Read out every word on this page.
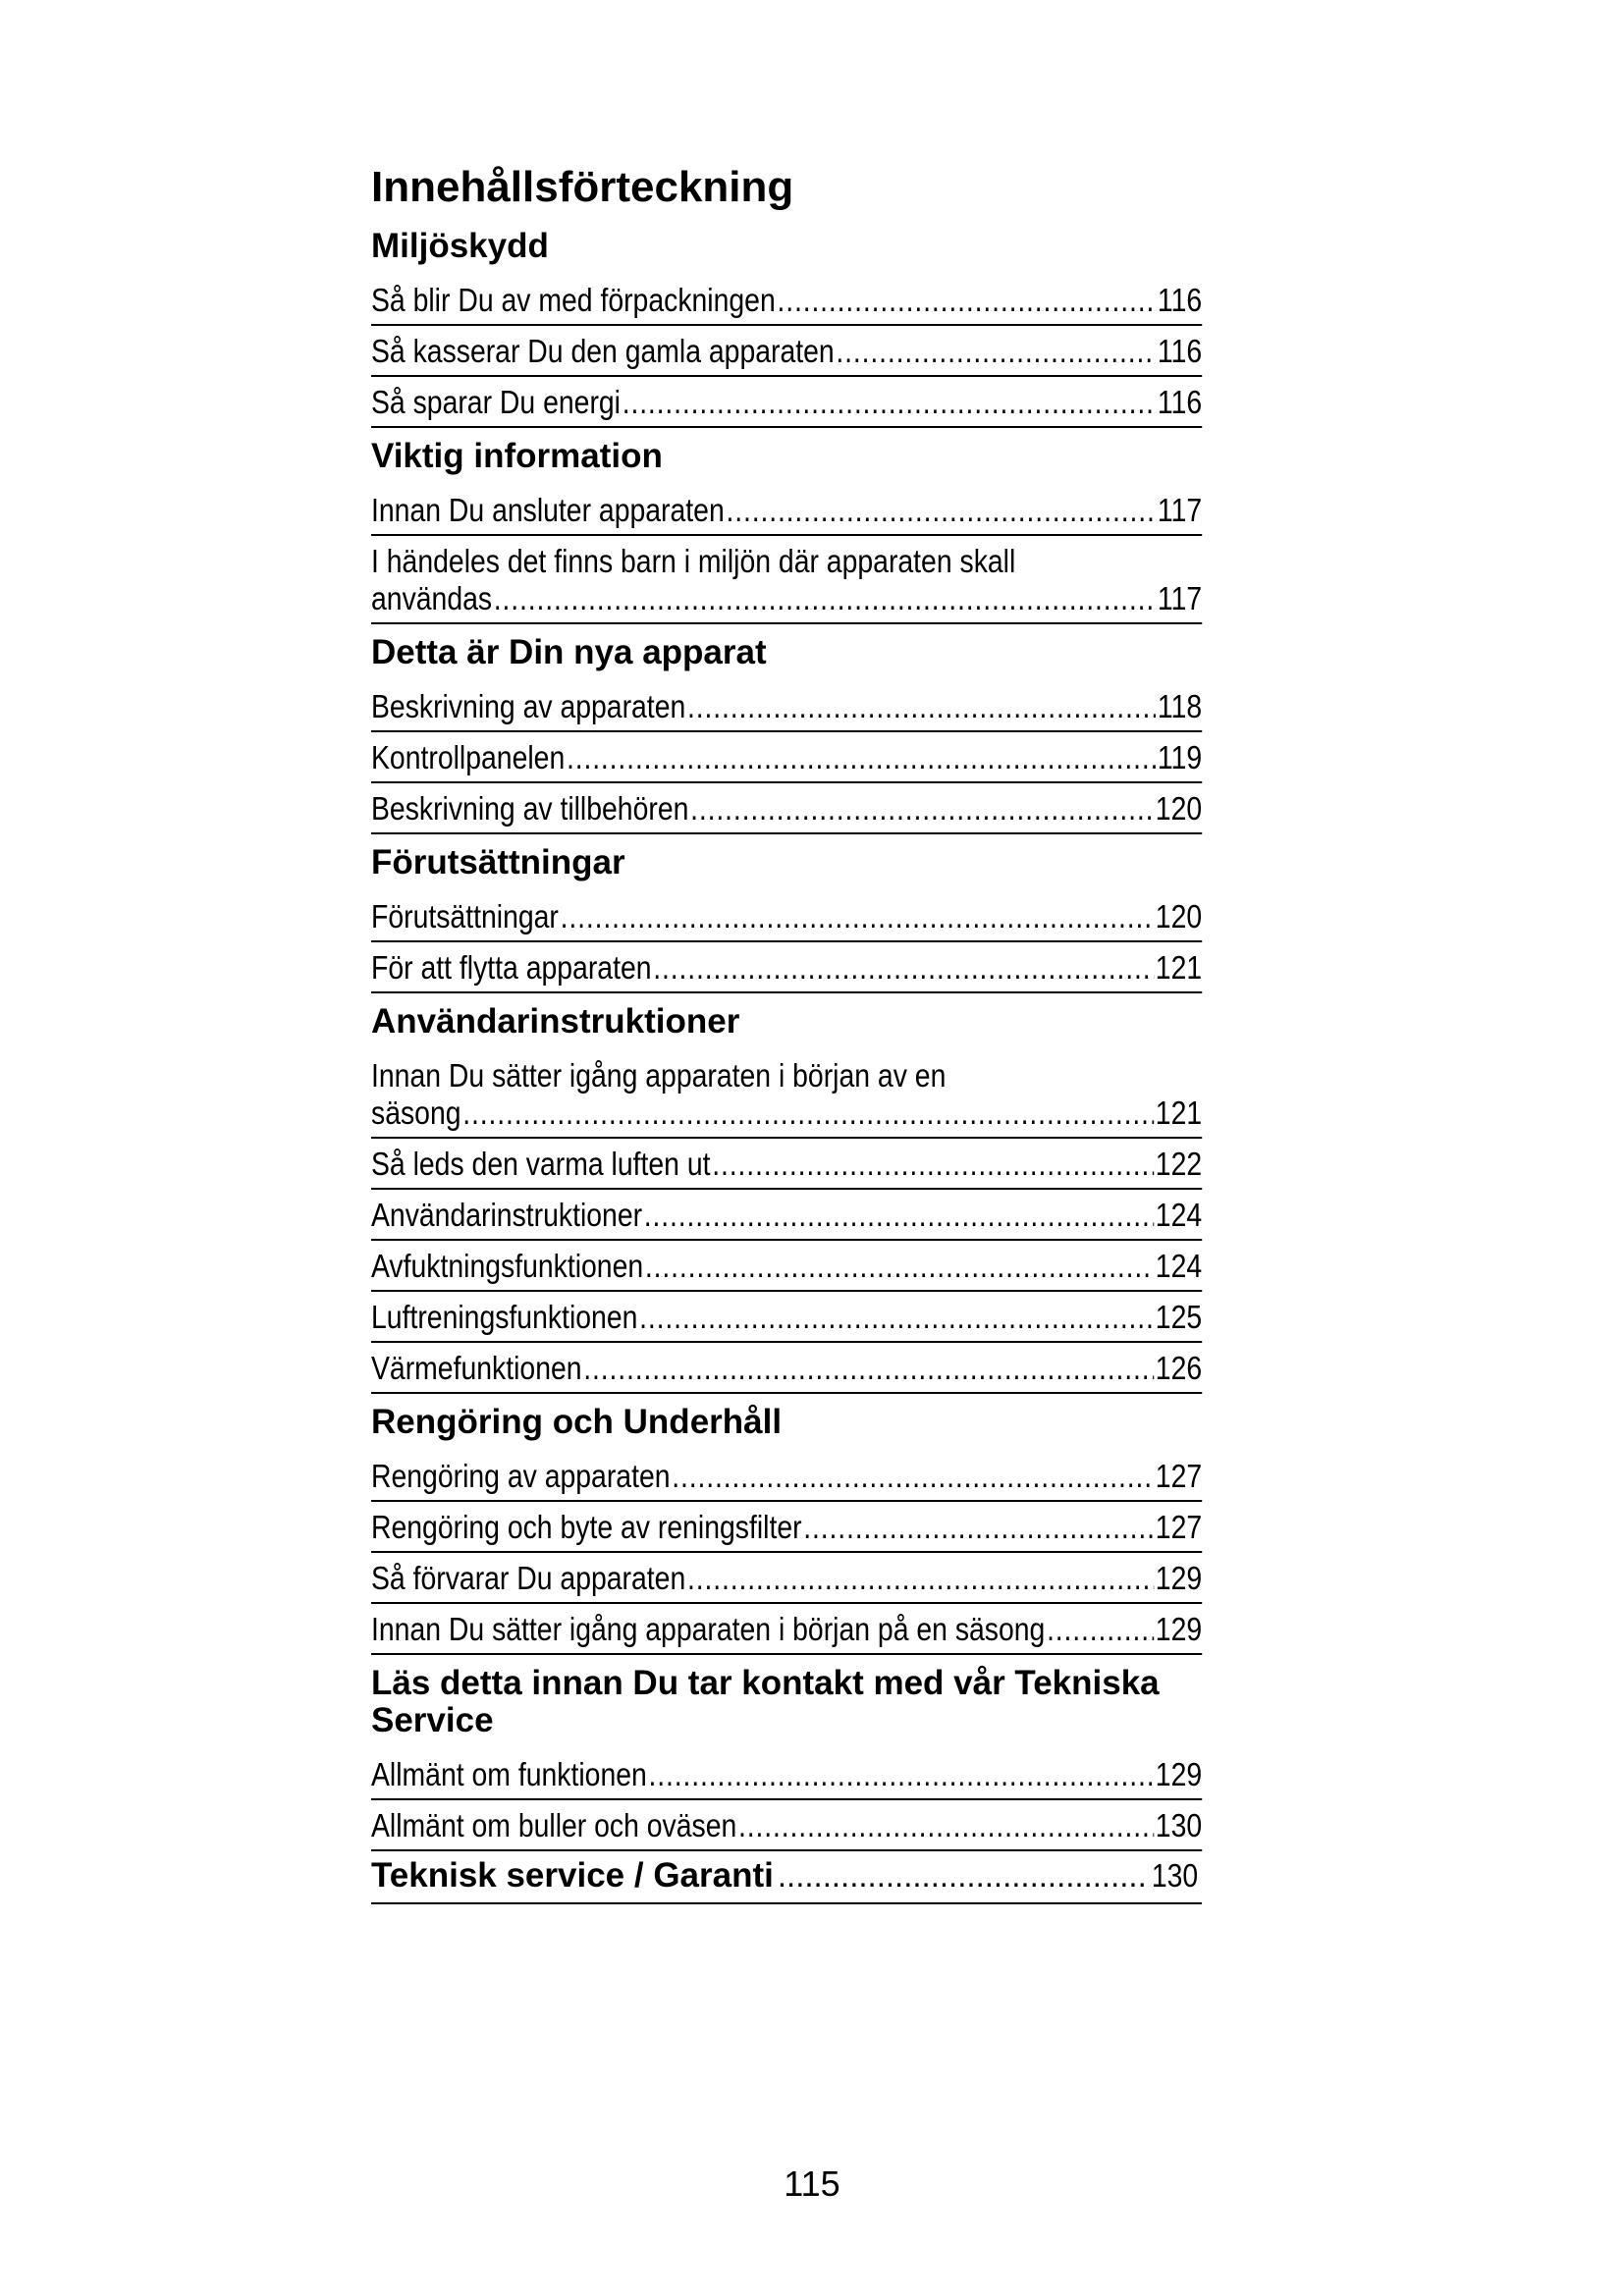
Innehållsförteckning
Miljöskydd
Så blir Du av med förpackningen .....	116
Så kasserar Du den gamla apparaten .....	116
Så sparar Du energi .....	116
Viktig information
Innan Du ansluter apparaten .....	117
I händeles det finns barn i miljön där apparaten skall
användas .....	117
Detta är Din nya apparat
Beskrivning av apparaten .....	118
Kontrollpanelen .....	119
Beskrivning av tillbehören .....	120
Förutsättningar
Förutsättningar .....	120
För att flytta apparaten .....	121
Användarinstruktioner
Innan Du sätter igång apparaten i början av en
säsong .....	121
Så leds den varma luften ut .....	122
Användarinstruktioner .....	124
Avfuktningsfunktionen .....	124
Luftreningsfunktionen .....	125
Värmefunktionen .....	126
Rengöring och Underhåll
Rengöring av apparaten .....	127
Rengöring och byte av reningsfilter .....	127
Så förvarar Du apparaten .....	129
Innan Du sätter igång apparaten i början på en säsong .....	129
Läs detta innan Du tar kontakt med vår Tekniska Service
Allmänt om funktionen .....	129
Allmänt om buller och oväsen .....	130
Teknisk service / Garanti .....	130
115
